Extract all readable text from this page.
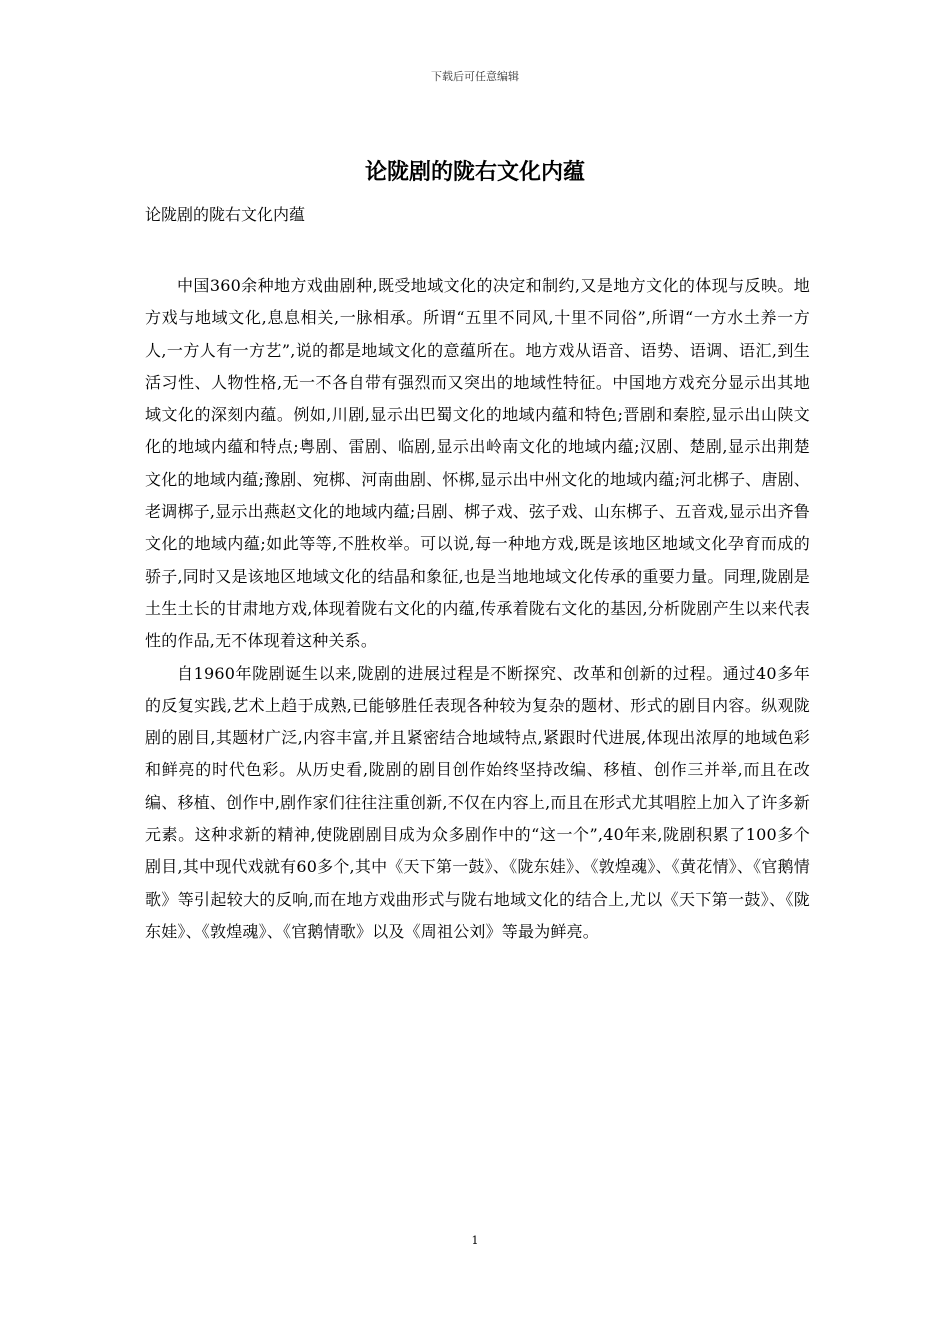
下载后可任意编辑
论陇剧的陇右文化内蕴

论陇剧的陇右文化内蕴

中国360余种地方戏曲剧种,既受地域文化的决定和制约,又是地方文化的体现与反映。地方戏与地域文化,息息相关,一脉相承。所谓“五里不同风,十里不同俗”,所谓“一方水土养一方人,一方人有一方艺”,说的都是地域文化的意蕴所在。地方戏从语音、语势、语调、语汇,到生活习性、人物性格,无一不各自带有强烈而又突出的地域性特征。中国地方戏充分显示出其地域文化的深刻内蕴。例如,川剧,显示出巴蜀文化的地域内蕴和特色;晋剧和秦腔,显示出山陕文化的地域内蕴和特点;粤剧、雷剧、临剧,显示出岭南文化的地域内蕴;汉剧、楚剧,显示出荆楚文化的地域内蕴;豫剧、宛梆、河南曲剧、怀梆,显示出中州文化的地域内蕴;河北梆子、唐剧、老调梆子,显示出燕赵文化的地域内蕴;吕剧、梆子戏、弦子戏、山东梆子、五音戏,显示出齐鲁文化的地域内蕴;如此等等,不胜枚举。可以说,每一种地方戏,既是该地区地域文化孕育而成的骄子,同时又是该地区地域文化的结晶和象征,也是当地地域文化传承的重要力量。同理,陇剧是土生土长的甘肃地方戏,体现着陇右文化的内蕴,传承着陇右文化的基因,分析陇剧产生以来代表性的作品,无不体现着这种关系。

自1960年陇剧诞生以来,陇剧的进展过程是不断探究、改革和创新的过程。通过40多年的反复实践,艺术上趋于成熟,已能够胜任表现各种较为复杂的题材、形式的剧目内容。纵观陇剧的剧目,其题材广泛,内容丰富,并且紧密结合地域特点,紧跟时代进展,体现出浓厚的地域色彩和鲜亮的时代色彩。从历史看,陇剧的剧目创作始终坚持改编、移植、创作三并举,而且在改编、移植、创作中,剧作家们往往注重创新,不仅在内容上,而且在形式尤其唱腔上加入了许多新元素。这种求新的精神,使陇剧剧目成为众多剧作中的“这一个”,40年来,陇剧积累了100多个剧目,其中现代戏就有60多个,其中《天下第一鼓》、《陇东娃》、《敦煌魂》、《黄花情》、《官鹅情歌》等引起较大的反响,而在地方戏曲形式与陇右地域文化的结合上,尤以《天下第一鼓》、《陇东娃》、《敦煌魂》、《官鹅情歌》以及《周祖公刘》等最为鲜亮。

1
